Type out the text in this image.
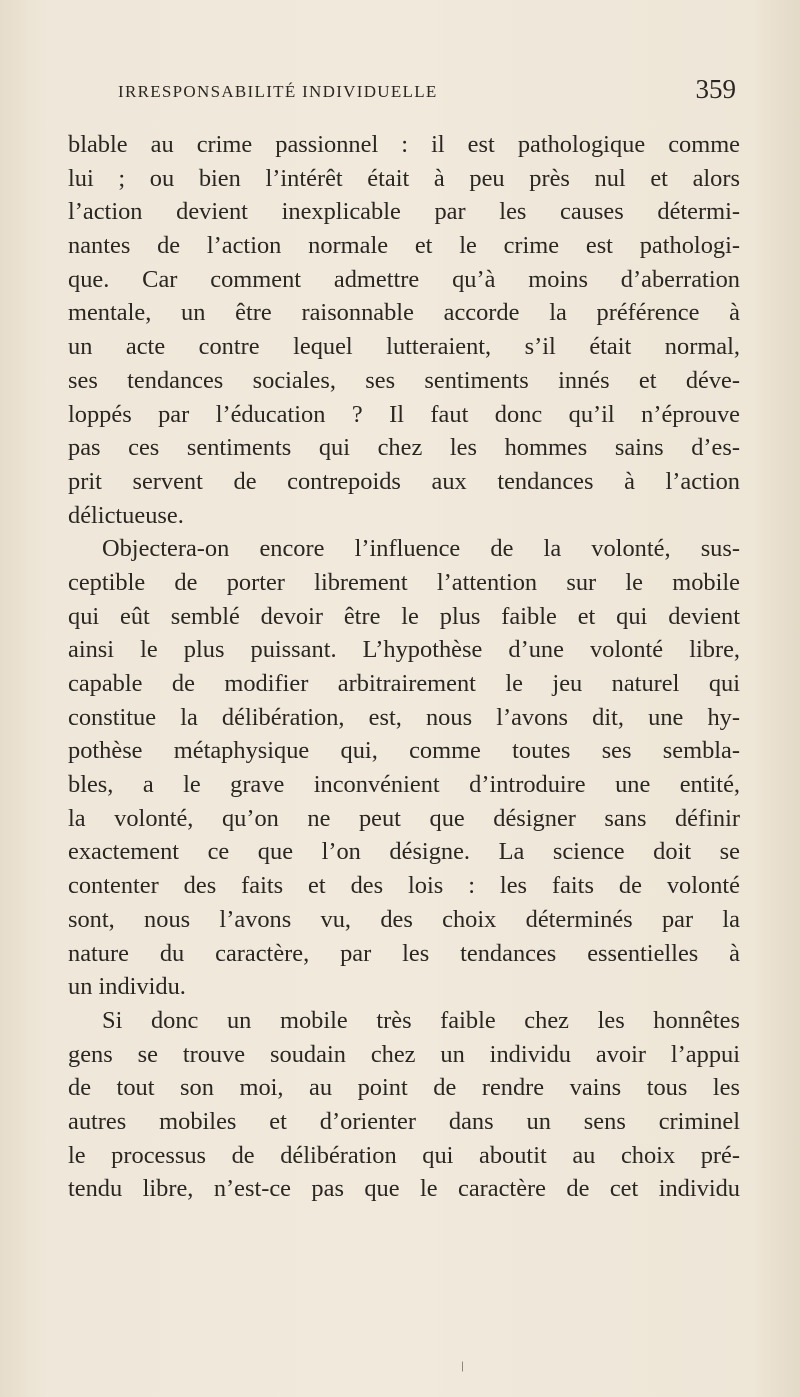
IRRESPONSABILITÉ INDIVIDUELLE	359
blable au crime passionnel : il est pathologique comme
lui ; ou bien l’intérêt était à peu près nul et alors
l’action devient inexplicable par les causes détermi-
nantes de l’action normale et le crime est pathologi-
que. Car comment admettre qu’à moins d’aberration
mentale, un être raisonnable accorde la préférence à
un acte contre lequel lutteraient, s’il était normal,
ses tendances sociales, ses sentiments innés et déve-
loppés par l’éducation ? Il faut donc qu’il n’éprouve
pas ces sentiments qui chez les hommes sains d’es-
prit servent de contrepoids aux tendances à l’action
délictueuse.
Objectera-on encore l’influence de la volonté, sus-
ceptible de porter librement l’attention sur le mobile
qui eût semblé devoir être le plus faible et qui devient
ainsi le plus puissant. L’hypothèse d’une volonté libre,
capable de modifier arbitrairement le jeu naturel qui
constitue la délibération, est, nous l’avons dit, une hy-
pothèse métaphysique qui, comme toutes ses sembla-
bles, a le grave inconvénient d’introduire une entité,
la volonté, qu’on ne peut que désigner sans définir
exactement ce que l’on désigne. La science doit se
contenter des faits et des lois : les faits de volonté
sont, nous l’avons vu, des choix déterminés par la
nature du caractère, par les tendances essentielles à
un individu.
Si donc un mobile très faible chez les honnêtes
gens se trouve soudain chez un individu avoir l’appui
de tout son moi, au point de rendre vains tous les
autres mobiles et d’orienter dans un sens criminel
le processus de délibération qui aboutit au choix pré-
tendu libre, n’est-ce pas que le caractère de cet individu
\
